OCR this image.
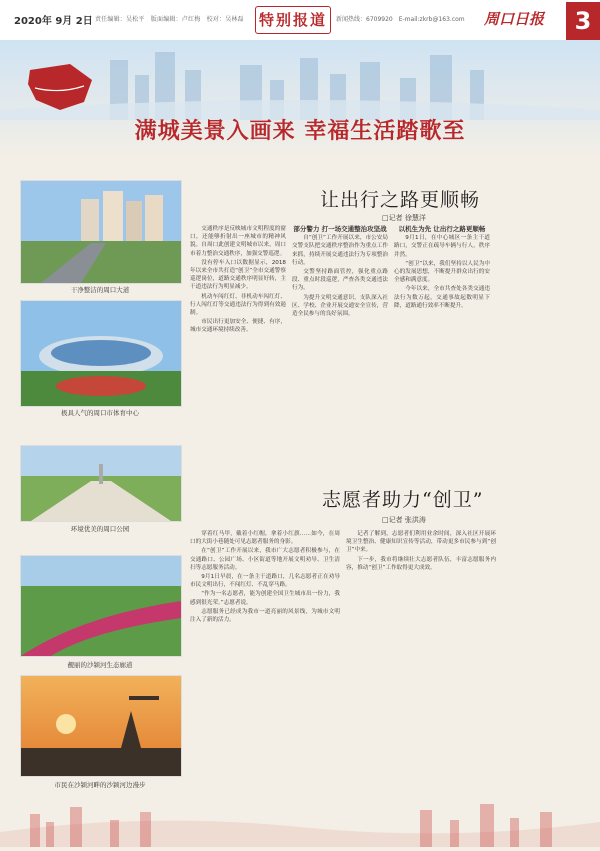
2020年 9月 2日 责任编辑：吴松平　版面编辑：卢红梅　校对：吴林磊 特别报道	新闻热线：6709920　E-mail:zkrb@163.com 周口日报	3
满城美景入画来 幸福生活踏歌至
干净整洁的周口大道
极具人气的周口市体育中心
环境优美的周口公园
靓丽的沙颍河生态廊道
市民在沙颍河畔的沙颍河边漫步
让出行之路更顺畅
□记者 徐慧洋

交通秩序是反映城市文明程度的窗口，还能够折射出一座城市的精神风貌。自周口此创建文明城市以来，周口市着力整治交通秩序，加强交警巡逻。

没有停车入口以数据显示，2018年以来全市共打造“创卫”全市交通警察巡逻岗位，道路交通秩序明显好转，主干道违法行为明显减少。

机动车闯红灯、非机动车闯红灯、行人闯红灯等交通违法行为得到有效遏制。

市民出行更加安全、便捷、有序，城市交通环境持续改善。

部分警力 打一场交通整治攻坚战

自“创卫”工作开展以来，市公安局交警支队把交通秩序整治作为重点工作来抓，持续开展交通违法行为专项整治行动。

交警坚持路面管控，强化重点路段、重点时段巡逻，严查各类交通违法行为。

为提升文明交通意识，支队深入社区、学校、企业开展交通安全宣传，营造全民参与的良好氛围。

以机生为先 让出行之路更顺畅

9月1日，在中心城区一条主干道路口，交警正在疏导车辆与行人，秩序井然。

“创卫”以来，我们坚持以人民为中心的发展思想，不断提升群众出行的安全感和满意度。

今年以来，全市共查处各类交通违法行为数万起，交通事故起数明显下降，道路通行效率不断提升。

志愿者助力“创卫”
□记者 张洪涛

穿着红马甲，戴着小红帽，拿着小红旗……如今，在周口的大街小巷随处可见志愿者服务的身影。

在“创卫”工作开展以来，我市广大志愿者积极参与，在交通路口、公园广场、小区街道等地开展文明劝导、卫生清扫等志愿服务活动。

9月1日早晨，在一条主干道路口，几名志愿者正在劝导市民文明出行，不闯红灯、不乱穿马路。

“作为一名志愿者，能为创建全国卫生城市出一份力，我感到很光荣。”志愿者说。

志愿服务已经成为我市一道亮丽的风景线，为城市文明注入了新的活力。

记者了解到，志愿者们利用业余时间，深入社区开展环境卫生整治、健康知识宣传等活动，带动更多市民参与到“创卫”中来。

下一步，我市将继续壮大志愿者队伍，丰富志愿服务内容，推动“创卫”工作取得更大成效。
